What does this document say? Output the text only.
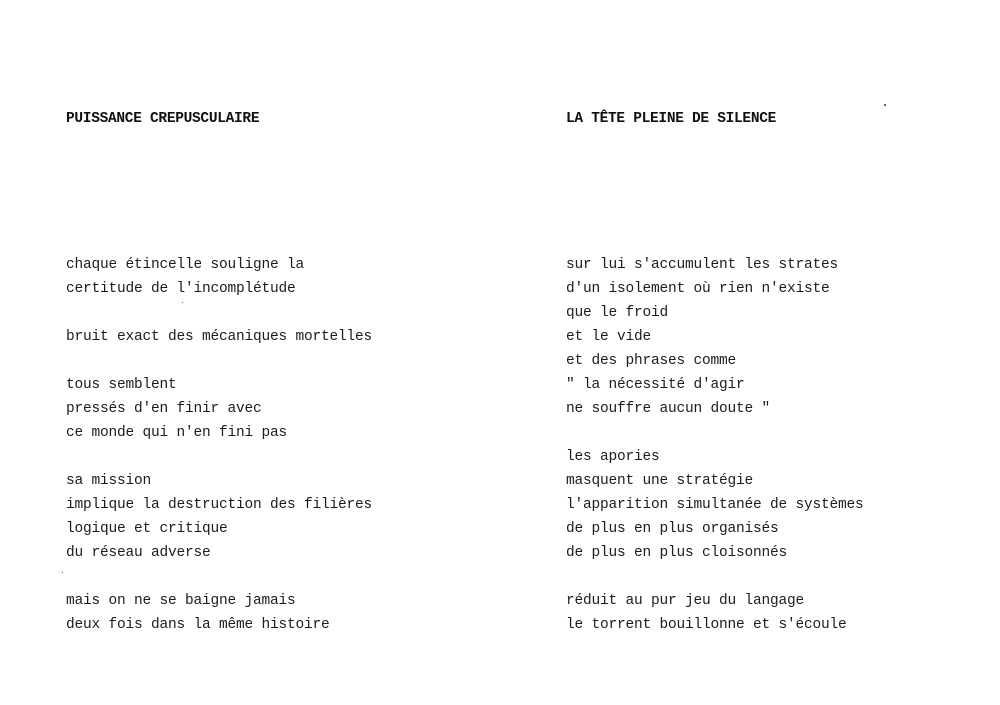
PUISSANCE CREPUSCULAIRE
chaque étincelle souligne la
certitude de l'incomplétude
bruit exact des mécaniques mortelles
tous semblent
pressés d'en finir avec
ce monde qui n'en fini pas
sa mission
implique la destruction des filières
logique et critique
du réseau adverse
mais on ne se baigne jamais
deux fois dans la même histoire
LA TÊTE PLEINE DE SILENCE
sur lui s'accumulent les strates
d'un isolement où rien n'existe
que le froid
et le vide
et des phrases comme
" la nécessité d'agir
ne souffre aucun doute "
les apories
masquent une stratégie
l'apparition simultanée de systèmes
de plus en plus organisés
de plus en plus cloisonnés
réduit au pur jeu du langage
le torrent bouillonne et s'écoule
